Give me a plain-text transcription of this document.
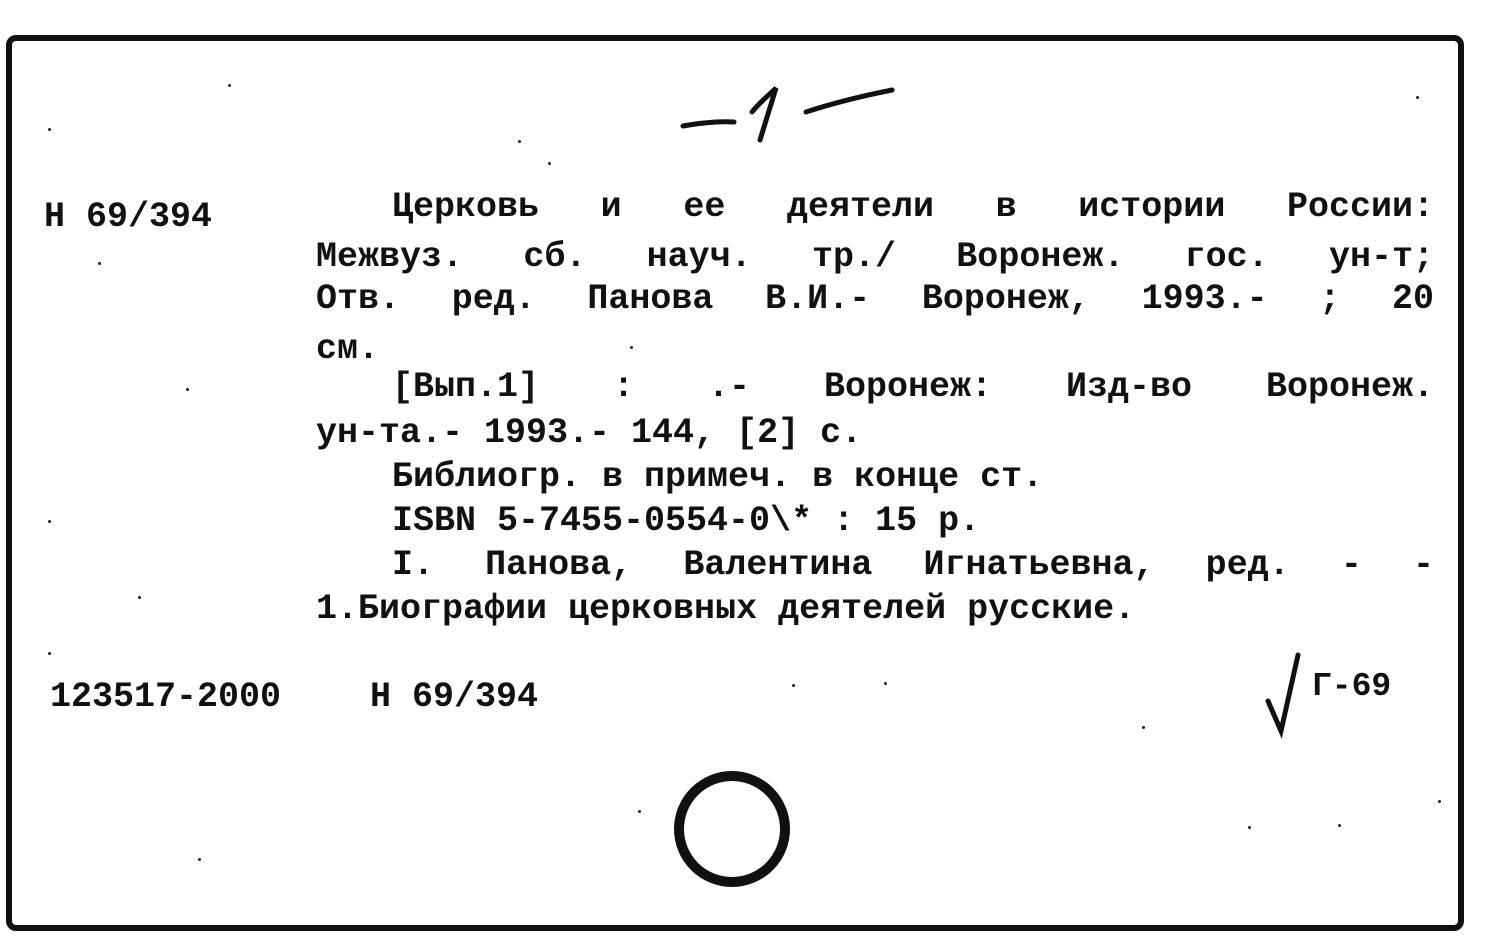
Н 69/394	Церковь и ее деятели в истории России:
Межвуз. сб. науч. тр./ Воронеж. гос. ун-т;
Отв. ред. Панова В.И.- Воронеж, 1993.- ; 20
см.
[Вып.1] : .- Воронеж: Изд-во Воронеж.
ун-та.- 1993.- 144, [2] с.
Библиогр. в примеч. в конце ст.
ISBN 5-7455-0554-0\* : 15 р.
I. Панова, Валентина Игнатьевна, ред. - -
1.Биографии церковных деятелей русские.
123517-2000	Н 69/394	Г-69
